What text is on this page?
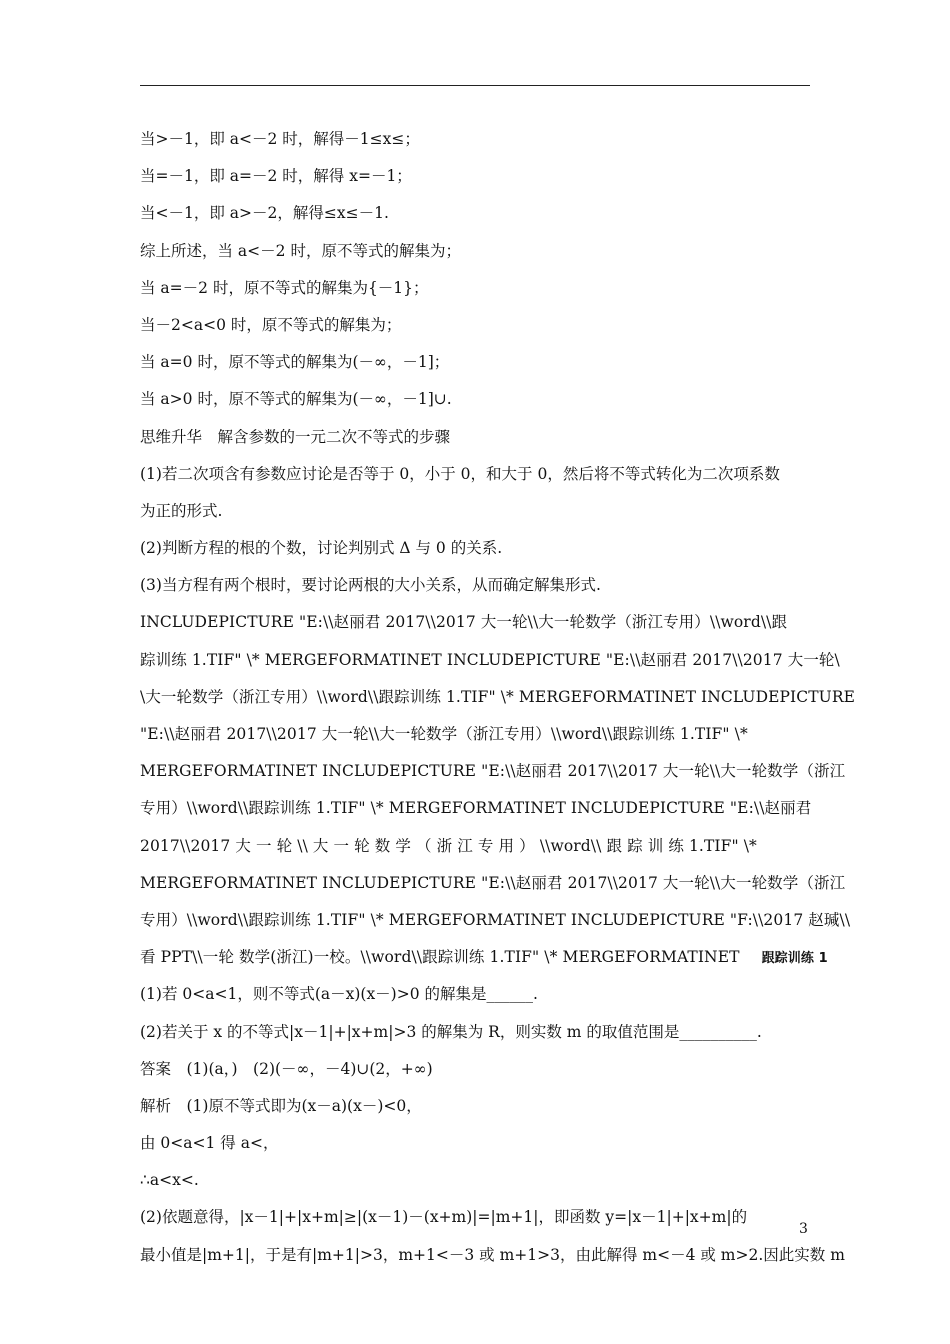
当>－1，即 a<－2 时，解得－1≤x≤；
当=－1，即 a=－2 时，解得 x=－1；
当<－1，即 a>－2，解得≤x≤－1.
综上所述，当 a<－2 时，原不等式的解集为；
当 a=－2 时，原不等式的解集为{－1}；
当－2<a<0 时，原不等式的解集为；
当 a=0 时，原不等式的解集为(－∞，－1]；
当 a>0 时，原不等式的解集为(－∞，－1]∪.
思维升华　解含参数的一元二次不等式的步骤
(1)若二次项含有参数应讨论是否等于 0，小于 0，和大于 0，然后将不等式转化为二次项系数
为正的形式.
(2)判断方程的根的个数，讨论判别式 Δ 与 0 的关系.
(3)当方程有两个根时，要讨论两根的大小关系，从而确定解集形式.
INCLUDEPICTURE "E:\\赵丽君 2017\\2017 大一轮\\大一轮数学（浙江专用）\\word\\跟
踪训练 1.TIF" \* MERGEFORMATINET INCLUDEPICTURE "E:\\赵丽君 2017\\2017 大一轮\
\大一轮数学（浙江专用）\\word\\跟踪训练 1.TIF" \* MERGEFORMATINET INCLUDEPICTURE
"E:\\赵丽君 2017\\2017 大一轮\\大一轮数学（浙江专用）\\word\\跟踪训练 1.TIF" \*
MERGEFORMATINET INCLUDEPICTURE "E:\\赵丽君 2017\\2017 大一轮\\大一轮数学（浙江
专用）\\word\\跟踪训练 1.TIF" \* MERGEFORMATINET INCLUDEPICTURE "E:\\赵丽君
2017\\2017 大 一 轮 \\ 大 一 轮 数 学 （ 浙 江 专 用 ） \\word\\ 跟 踪 训 练 1.TIF" \*
MERGEFORMATINET INCLUDEPICTURE "E:\\赵丽君 2017\\2017 大一轮\\大一轮数学（浙江
专用）\\word\\跟踪训练 1.TIF" \* MERGEFORMATINET INCLUDEPICTURE "F:\\2017 赵瑊\\
看 PPT\\一轮 数学(浙江)一校。\\word\\跟踪训练 1.TIF" \* MERGEFORMATINET 跟踪训练 1
(1)若 0<a<1，则不等式(a－x)(x－)>0 的解集是______.
(2)若关于 x 的不等式|x－1|+|x+m|>3 的解集为 R，则实数 m 的取值范围是__________.
答案　(1)(a，)　(2)(－∞，－4)∪(2，+∞)
解析　(1)原不等式即为(x－a)(x－)<0，
由 0<a<1 得 a<，
∴a<x<.
(2)依题意得，|x－1|+|x+m|≥|(x－1)－(x+m)|=|m+1|，即函数 y=|x－1|+|x+m|的
最小值是|m+1|，于是有|m+1|>3，m+1<－3 或 m+1>3，由此解得 m<－4 或 m>2.因此实数 m
3
